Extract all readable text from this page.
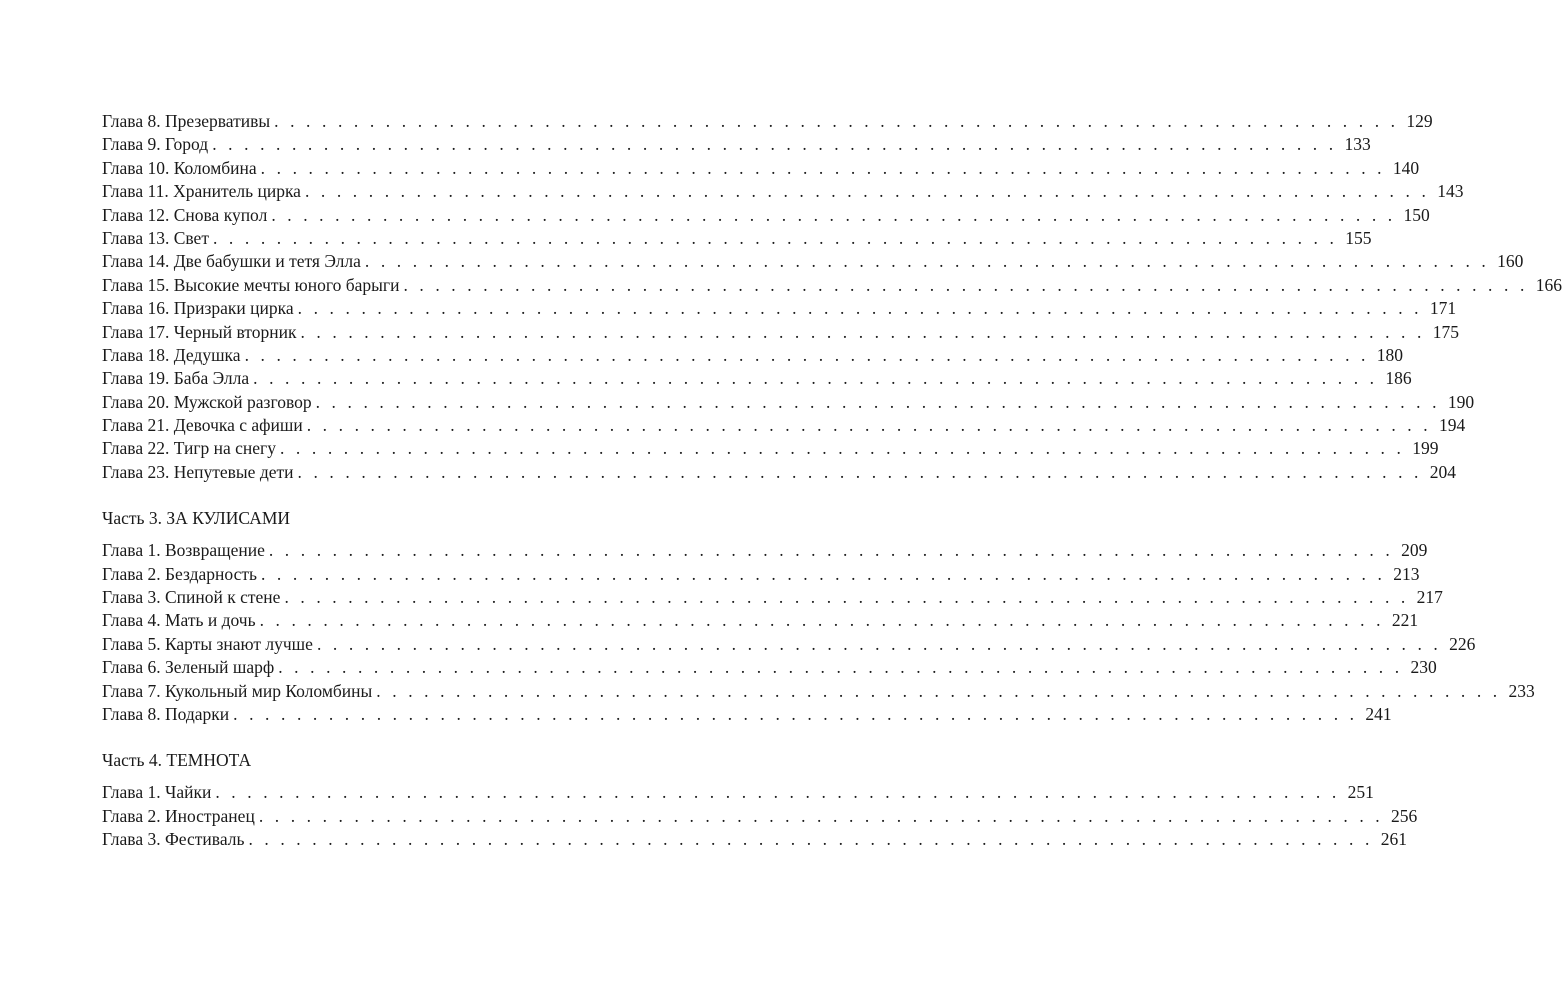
Глава 8. Презервативы . . . . . . . . . . . . . . . . . . . . . . . . . . . . . . . . . . . . . . . . . . . . . . . . . . . . . . . . . . . . . . . . . . . . . . . 129
Глава 9. Город . . . . . . . . . . . . . . . . . . . . . . . . . . . . . . . . . . . . . . . . . . . . . . . . . . . . . . . . . . . . . . . . . . . . . . . 133
Глава 10. Коломбина . . . . . . . . . . . . . . . . . . . . . . . . . . . . . . . . . . . . . . . . . . . . . . . . . . . . . . . . . . . . . . . . . . . . . . . 140
Глава 11. Хранитель цирка . . . . . . . . . . . . . . . . . . . . . . . . . . . . . . . . . . . . . . . . . . . . . . . . . . . . . . . . . . . . . . . . . . . . . . . 143
Глава 12. Снова купол . . . . . . . . . . . . . . . . . . . . . . . . . . . . . . . . . . . . . . . . . . . . . . . . . . . . . . . . . . . . . . . . . . . . . . . 150
Глава 13. Свет . . . . . . . . . . . . . . . . . . . . . . . . . . . . . . . . . . . . . . . . . . . . . . . . . . . . . . . . . . . . . . . . . . . . . . . 155
Глава 14. Две бабушки и тетя Элла . . . . . . . . . . . . . . . . . . . . . . . . . . . . . . . . . . . . . . . . . . . . . . . . . . . . . . . . . . . . . . . . . . . . . . . 160
Глава 15. Высокие мечты юного барыги . . . . . . . . . . . . . . . . . . . . . . . . . . . . . . . . . . . . . . . . . . . . . . . . . . . . . . . . . . . . . . . . . . . . . . . 166
Глава 16. Призраки цирка . . . . . . . . . . . . . . . . . . . . . . . . . . . . . . . . . . . . . . . . . . . . . . . . . . . . . . . . . . . . . . . . . . . . . . . 171
Глава 17. Черный вторник . . . . . . . . . . . . . . . . . . . . . . . . . . . . . . . . . . . . . . . . . . . . . . . . . . . . . . . . . . . . . . . . . . . . . . . 175
Глава 18. Дедушка . . . . . . . . . . . . . . . . . . . . . . . . . . . . . . . . . . . . . . . . . . . . . . . . . . . . . . . . . . . . . . . . . . . . . . . 180
Глава 19. Баба Элла . . . . . . . . . . . . . . . . . . . . . . . . . . . . . . . . . . . . . . . . . . . . . . . . . . . . . . . . . . . . . . . . . . . . . . . 186
Глава 20. Мужской разговор . . . . . . . . . . . . . . . . . . . . . . . . . . . . . . . . . . . . . . . . . . . . . . . . . . . . . . . . . . . . . . . . . . . . . . . 190
Глава 21. Девочка с афиши . . . . . . . . . . . . . . . . . . . . . . . . . . . . . . . . . . . . . . . . . . . . . . . . . . . . . . . . . . . . . . . . . . . . . . . 194
Глава 22. Тигр на снегу . . . . . . . . . . . . . . . . . . . . . . . . . . . . . . . . . . . . . . . . . . . . . . . . . . . . . . . . . . . . . . . . . . . . . . . 199
Глава 23. Непутевые дети . . . . . . . . . . . . . . . . . . . . . . . . . . . . . . . . . . . . . . . . . . . . . . . . . . . . . . . . . . . . . . . . . . . . . . . 204
Часть 3. ЗА КУЛИСАМИ
Глава 1. Возвращение . . . . . . . . . . . . . . . . . . . . . . . . . . . . . . . . . . . . . . . . . . . . . . . . . . . . . . . . . . . . . . . . . . . . . . . 209
Глава 2. Бездарность . . . . . . . . . . . . . . . . . . . . . . . . . . . . . . . . . . . . . . . . . . . . . . . . . . . . . . . . . . . . . . . . . . . . . . . 213
Глава 3. Спиной к стене . . . . . . . . . . . . . . . . . . . . . . . . . . . . . . . . . . . . . . . . . . . . . . . . . . . . . . . . . . . . . . . . . . . . . . . 217
Глава 4. Мать и дочь . . . . . . . . . . . . . . . . . . . . . . . . . . . . . . . . . . . . . . . . . . . . . . . . . . . . . . . . . . . . . . . . . . . . . . . 221
Глава 5. Карты знают лучше . . . . . . . . . . . . . . . . . . . . . . . . . . . . . . . . . . . . . . . . . . . . . . . . . . . . . . . . . . . . . . . . . . . . . . . 226
Глава 6. Зеленый шарф . . . . . . . . . . . . . . . . . . . . . . . . . . . . . . . . . . . . . . . . . . . . . . . . . . . . . . . . . . . . . . . . . . . . . . . 230
Глава 7. Кукольный мир Коломбины . . . . . . . . . . . . . . . . . . . . . . . . . . . . . . . . . . . . . . . . . . . . . . . . . . . . . . . . . . . . . . . . . . . . . . . 233
Глава 8. Подарки . . . . . . . . . . . . . . . . . . . . . . . . . . . . . . . . . . . . . . . . . . . . . . . . . . . . . . . . . . . . . . . . . . . . . . . 241
Часть 4. ТЕМНОТА
Глава 1. Чайки . . . . . . . . . . . . . . . . . . . . . . . . . . . . . . . . . . . . . . . . . . . . . . . . . . . . . . . . . . . . . . . . . . . . . . . 251
Глава 2. Иностранец . . . . . . . . . . . . . . . . . . . . . . . . . . . . . . . . . . . . . . . . . . . . . . . . . . . . . . . . . . . . . . . . . . . . . . . 256
Глава 3. Фестиваль . . . . . . . . . . . . . . . . . . . . . . . . . . . . . . . . . . . . . . . . . . . . . . . . . . . . . . . . . . . . . . . . . . . . . . . 261
